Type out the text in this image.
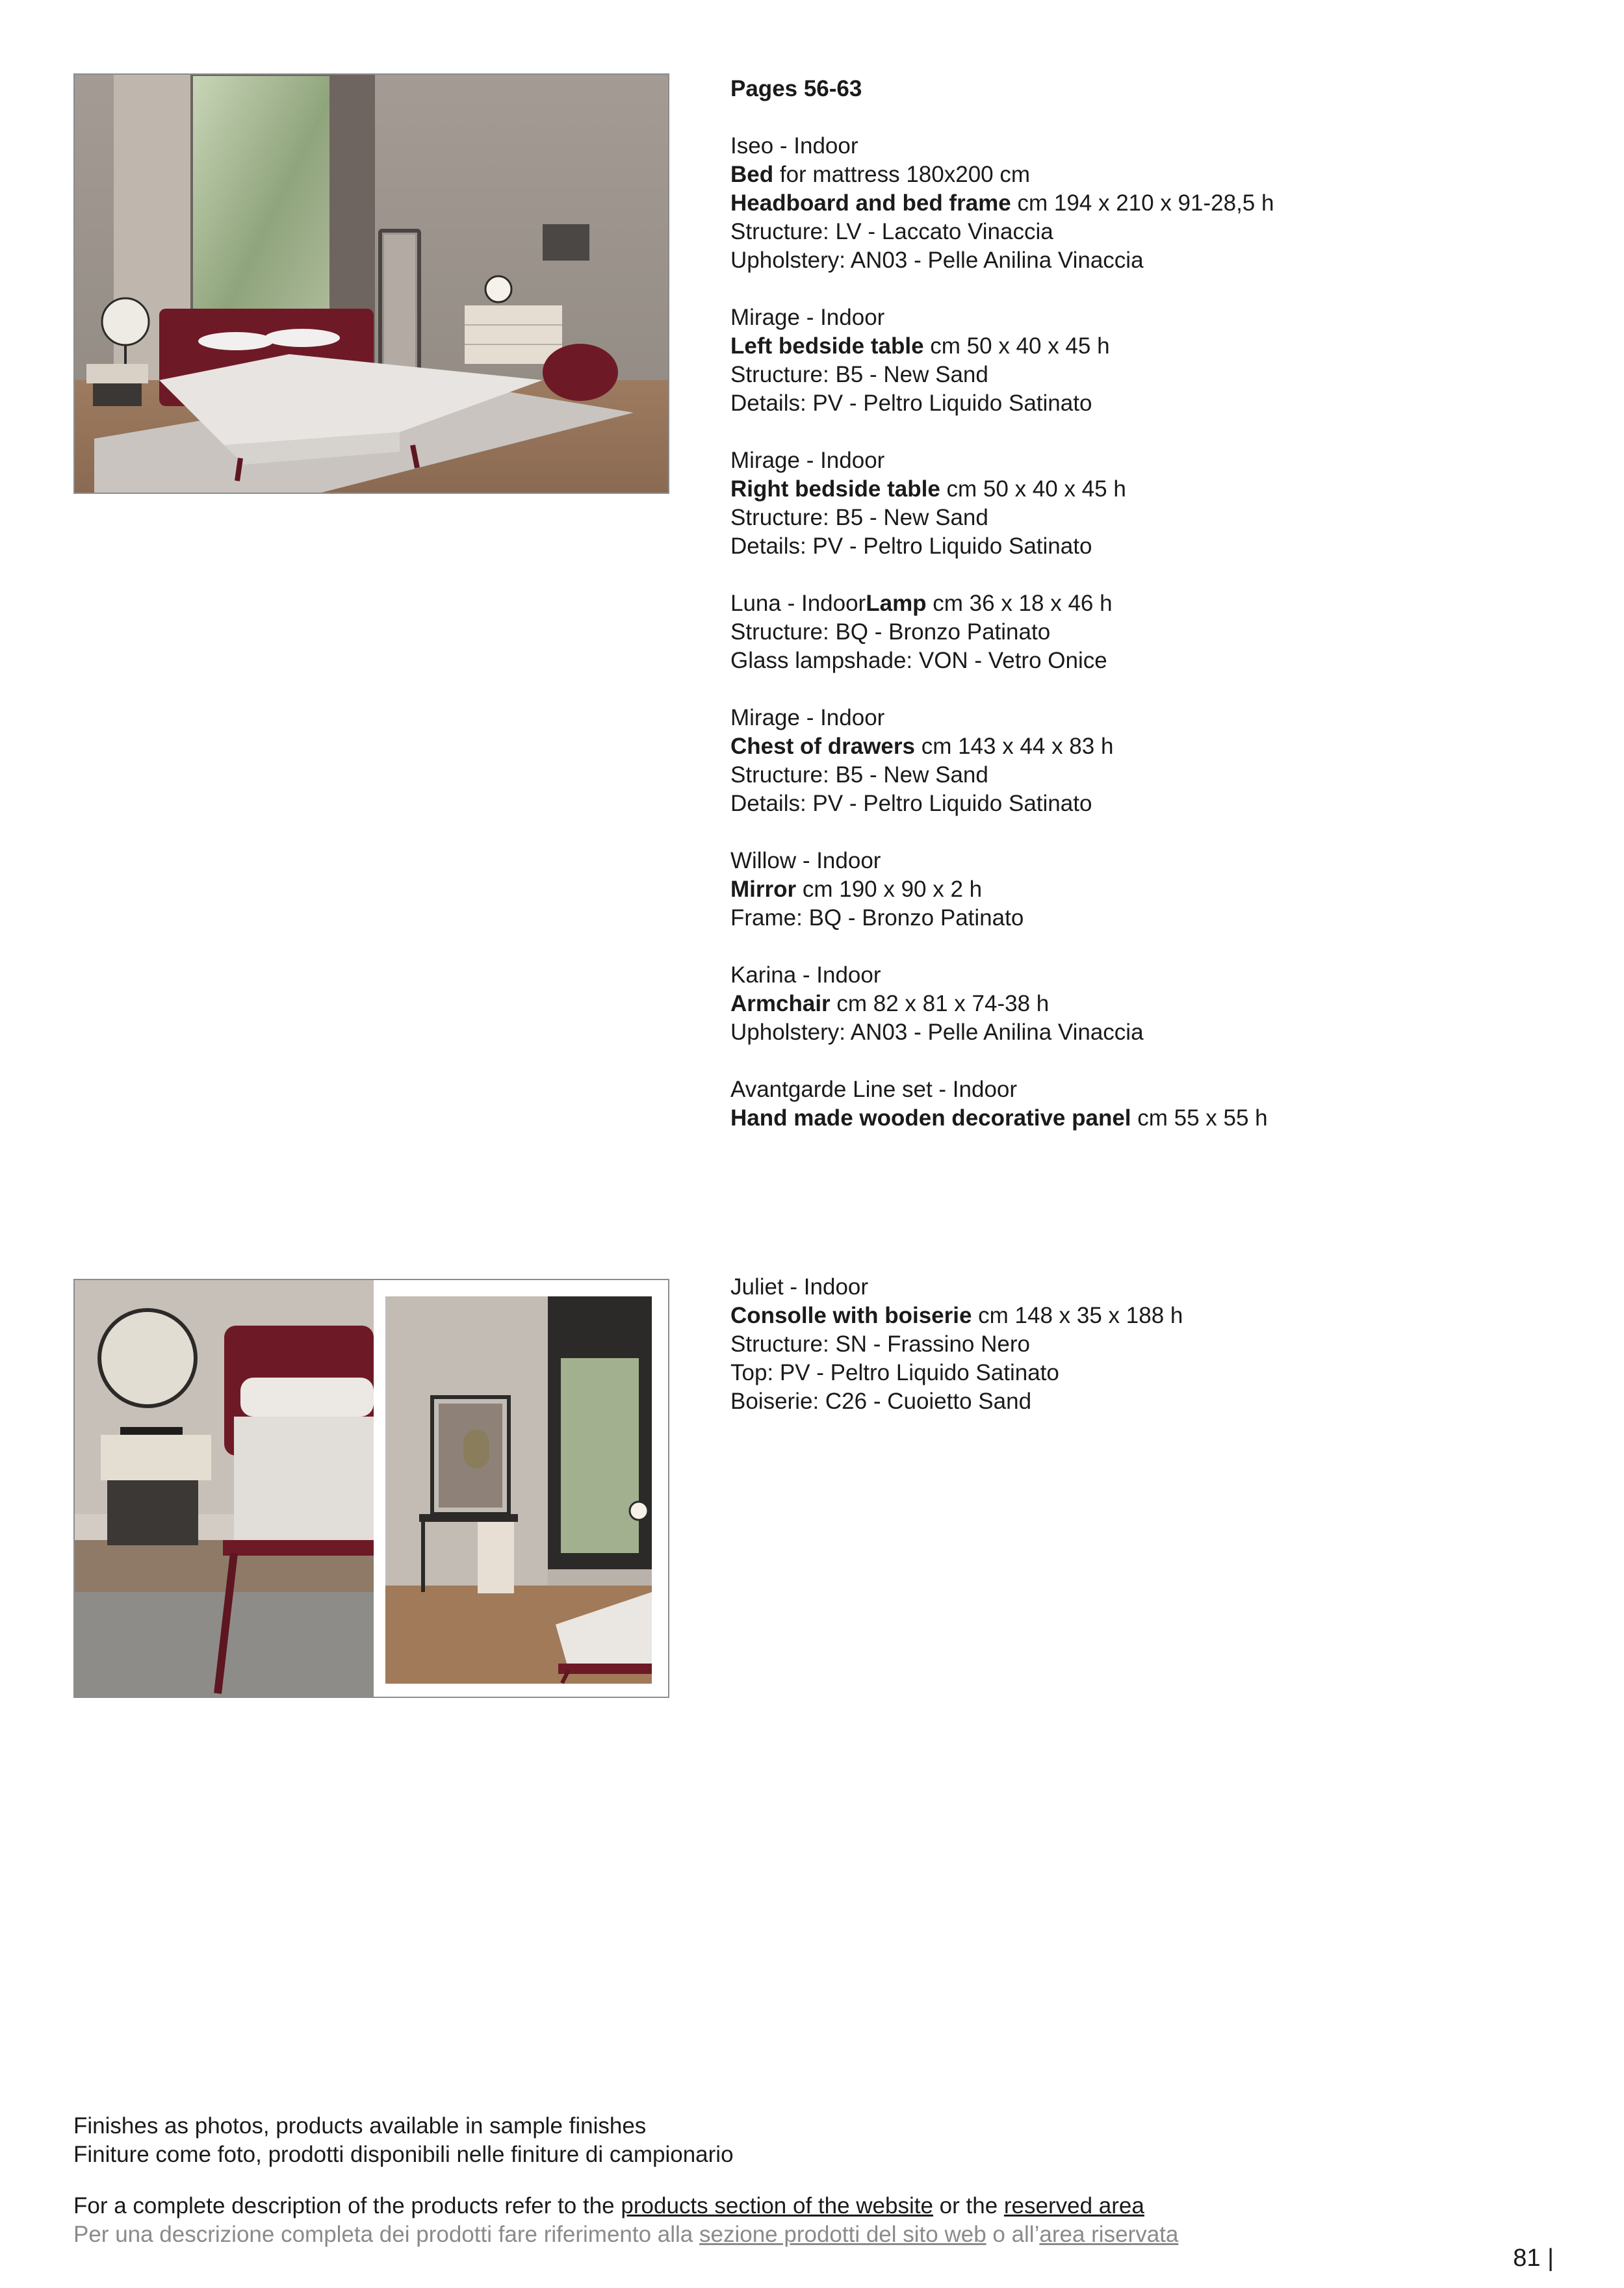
Pages 56-63
Iseo - Indoor
Bed for mattress 180x200 cm
Headboard and bed frame cm 194 x 210 x 91-28,5 h
Structure: LV - Laccato Vinaccia
Upholstery: AN03 - Pelle Anilina Vinaccia
Mirage - Indoor
Left bedside table cm 50 x 40 x 45 h
Structure: B5 - New Sand
Details: PV - Peltro Liquido Satinato
Mirage - Indoor
Right bedside table cm 50 x 40 x 45 h
Structure: B5 - New Sand
Details: PV - Peltro Liquido Satinato
Luna - IndoorLamp cm 36 x 18 x 46 h
Structure: BQ - Bronzo Patinato
Glass lampshade: VON - Vetro Onice
Mirage - Indoor
Chest of drawers cm 143 x 44 x 83 h
Structure: B5 - New Sand
Details: PV - Peltro Liquido Satinato
Willow - Indoor
Mirror cm 190 x 90 x 2 h
Frame: BQ - Bronzo Patinato
Karina - Indoor
Armchair cm 82 x 81 x 74-38 h
Upholstery: AN03 - Pelle Anilina Vinaccia
Avantgarde Line set - Indoor
Hand made wooden decorative panel cm 55 x 55 h
Juliet - Indoor
Consolle with boiserie cm 148 x 35 x 188 h
Structure: SN - Frassino Nero
Top: PV - Peltro Liquido Satinato
Boiserie: C26 - Cuoietto Sand
Finishes as photos, products available in sample finishes
Finiture come foto, prodotti disponibili nelle finiture di campionario
For a complete description of the products refer to the products section of the website or the reserved area
Per una descrizione completa dei prodotti fare riferimento alla sezione prodotti del sito web o all’area riservata
81 |
